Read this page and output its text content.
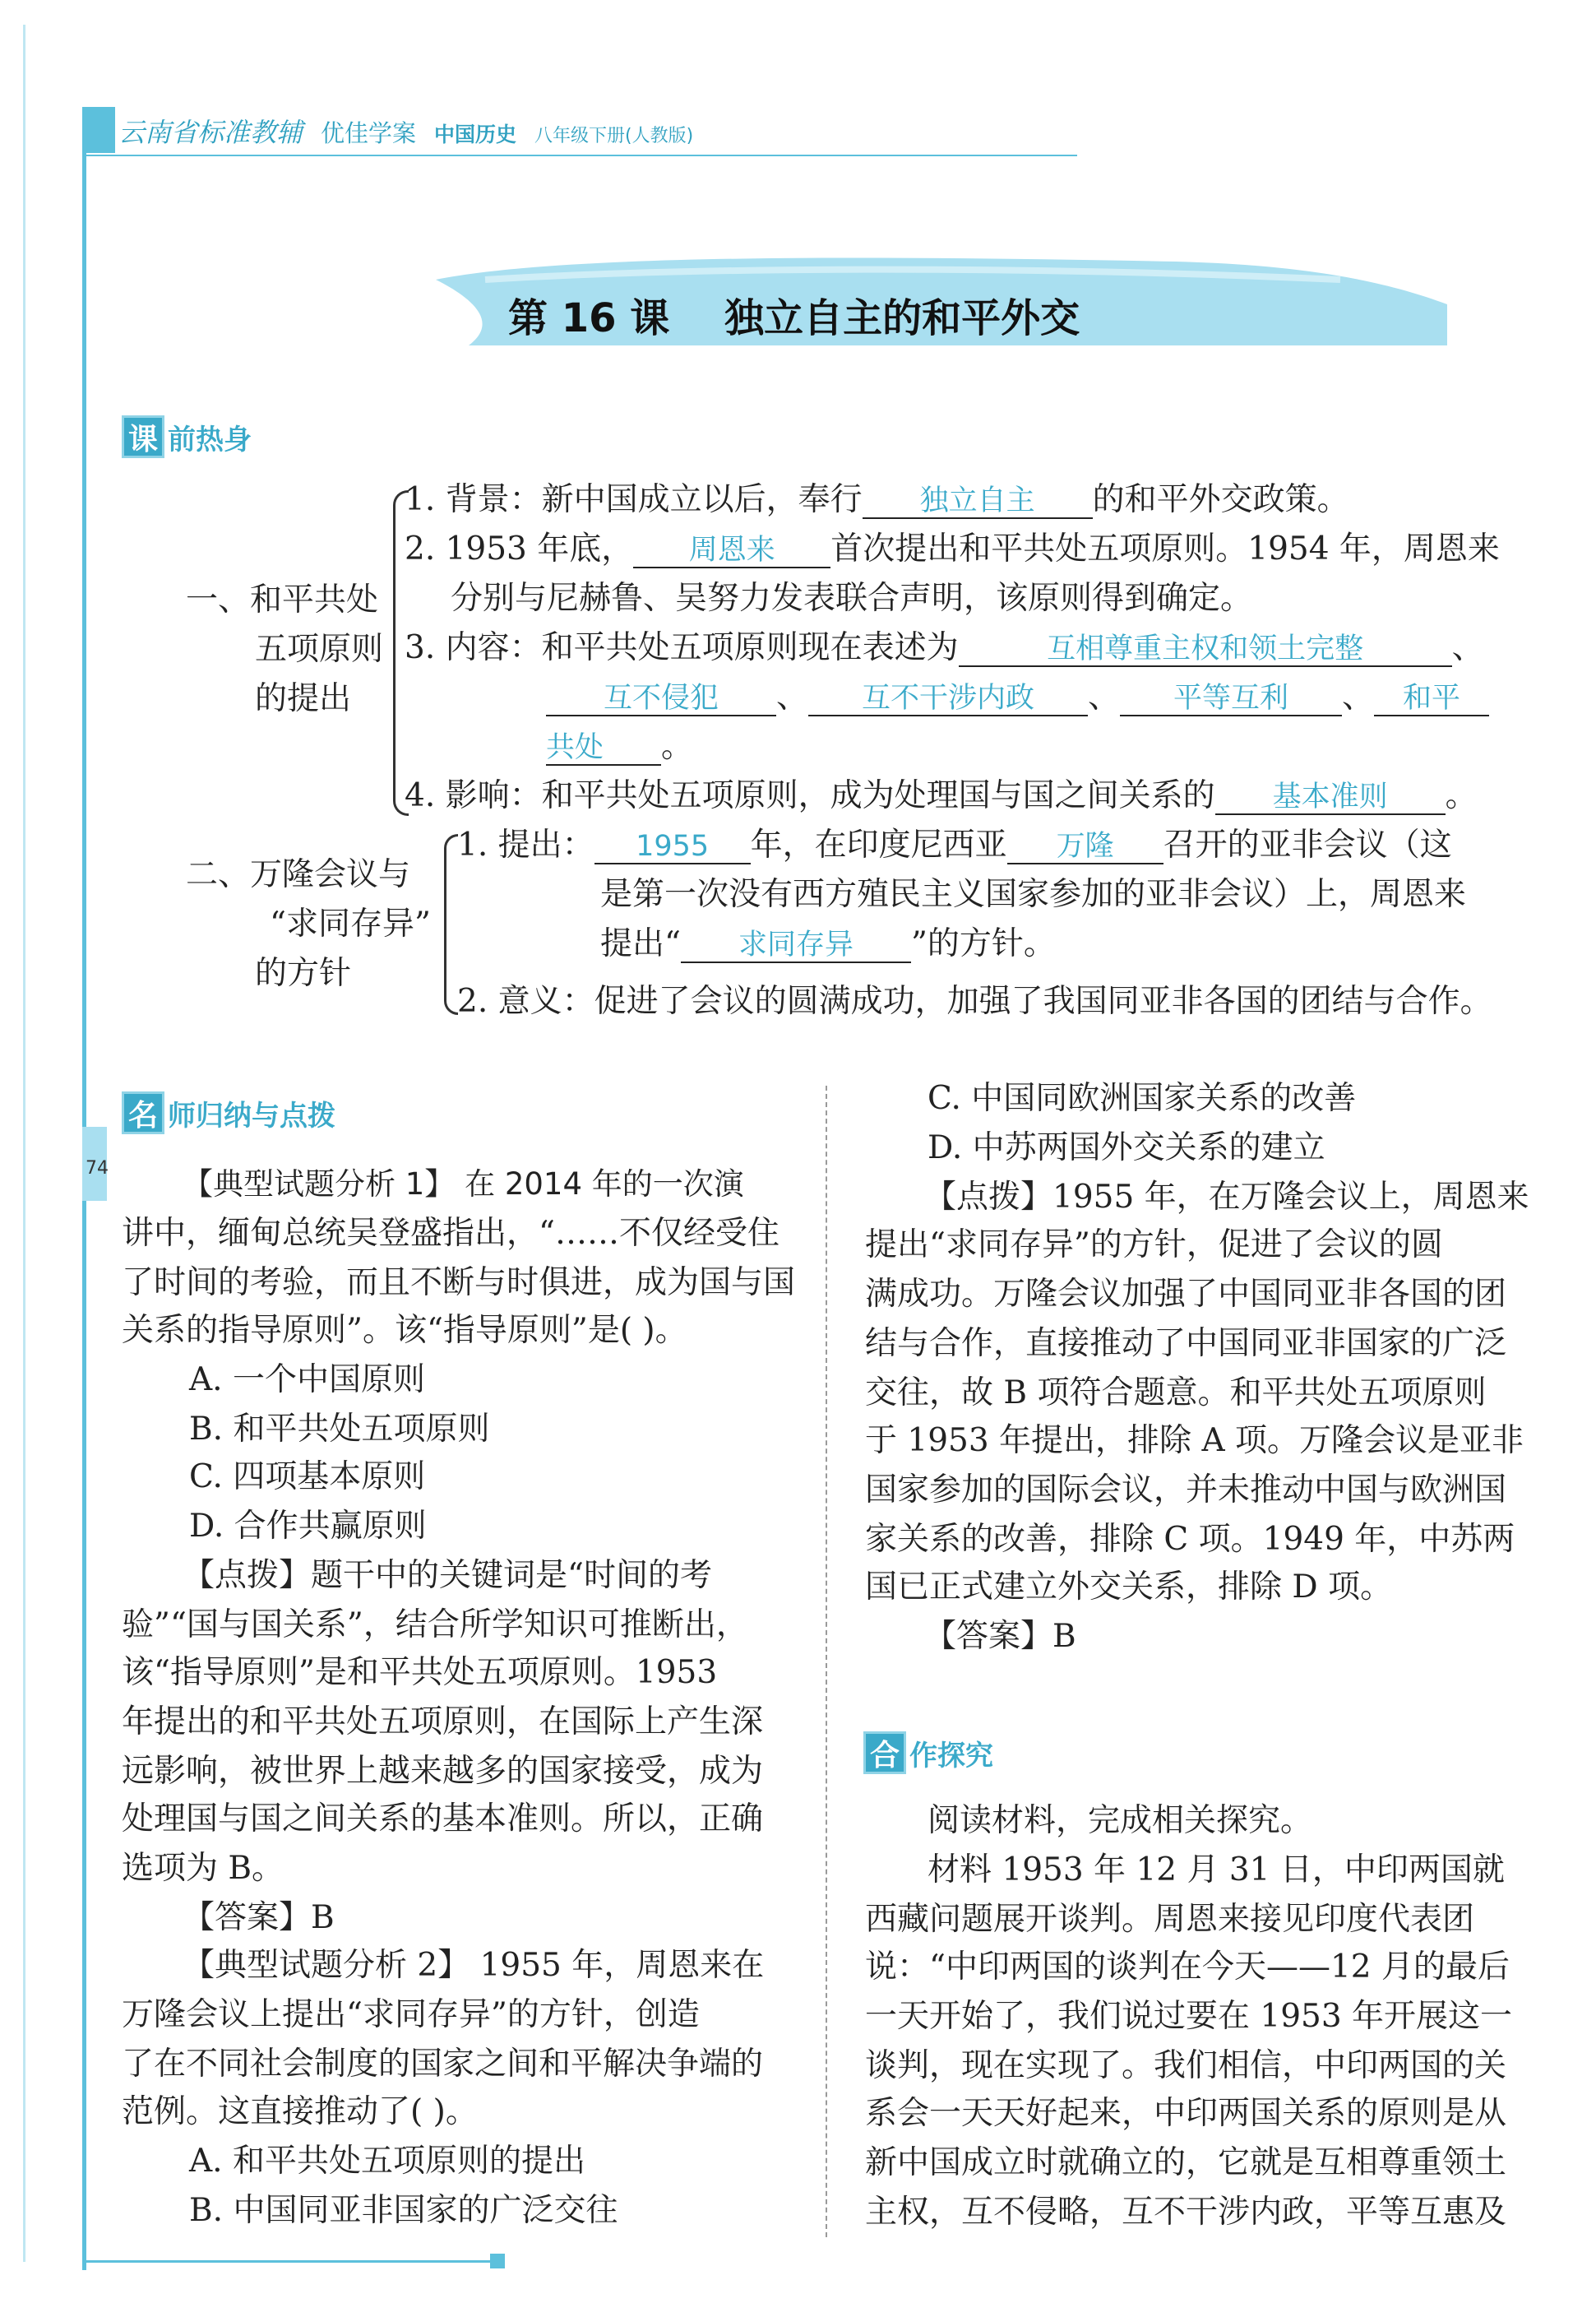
74
云南省标准教辅 优佳学案 中国历史 八年级下册(人教版)
第 16 课    独立自主的和平外交
课 前热身
一、和平共处
五项原则
的提出
1. 背景：新中国成立以后，奉行 独立自主 的和平外交政策。
2. 1953 年底， 周恩来 首次提出和平共处五项原则。1954 年，周恩来
分别与尼赫鲁、吴努力发表联合声明，该原则得到确定。
3. 内容：和平共处五项原则现在表述为	互相尊重主权和领土完整	、
互不侵犯 、 互不干涉内政 、 平等互利 、 和平
共处 。
4. 影响：和平共处五项原则，成为处理国与国之间关系的 基本准则 。
二、万隆会议与
“求同存异”
的方针
1. 提出： 1955 年，在印度尼西亚 万隆 召开的亚非会议（这
是第一次没有西方殖民主义国家参加的亚非会议）上，周恩来
提出“ 求同存异 ”的方针。
2. 意义：促进了会议的圆满成功，加强了我国同亚非各国的团结与合作。
名 师归纳与点拨
【典型试题分析 1】 在 2014 年的一次演
讲中，缅甸总统吴登盛指出，“……不仅经受住
了时间的考验，而且不断与时俱进，成为国与国
关系的指导原则”。该“指导原则”是( )。
A. 一个中国原则
B. 和平共处五项原则
C. 四项基本原则
D. 合作共赢原则
【点拨】题干中的关键词是“时间的考
验”“国与国关系”，结合所学知识可推断出，
该“指导原则”是和平共处五项原则。1953
年提出的和平共处五项原则，在国际上产生深
远影响，被世界上越来越多的国家接受，成为
处理国与国之间关系的基本准则。所以，正确
选项为 B。
【答案】B
【典型试题分析 2】 1955 年，周恩来在
万隆会议上提出“求同存异”的方针，创造
了在不同社会制度的国家之间和平解决争端的
范例。这直接推动了( )。
A. 和平共处五项原则的提出
B. 中国同亚非国家的广泛交往
C. 中国同欧洲国家关系的改善
D. 中苏两国外交关系的建立
【点拨】1955 年，在万隆会议上，周恩来
提出“求同存异”的方针，促进了会议的圆
满成功。万隆会议加强了中国同亚非各国的团
结与合作，直接推动了中国同亚非国家的广泛
交往，故 B 项符合题意。和平共处五项原则
于 1953 年提出，排除 A 项。万隆会议是亚非
国家参加的国际会议，并未推动中国与欧洲国
家关系的改善，排除 C 项。1949 年，中苏两
国已正式建立外交关系，排除 D 项。
【答案】B
合 作探究
阅读材料，完成相关探究。
材料 1953 年 12 月 31 日，中印两国就
西藏问题展开谈判。周恩来接见印度代表团
说：“中印两国的谈判在今天——12 月的最后
一天开始了，我们说过要在 1953 年开展这一
谈判，现在实现了。我们相信，中印两国的关
系会一天天好起来，中印两国关系的原则是从
新中国成立时就确立的，它就是互相尊重领土
主权，互不侵略，互不干涉内政，平等互惠及
